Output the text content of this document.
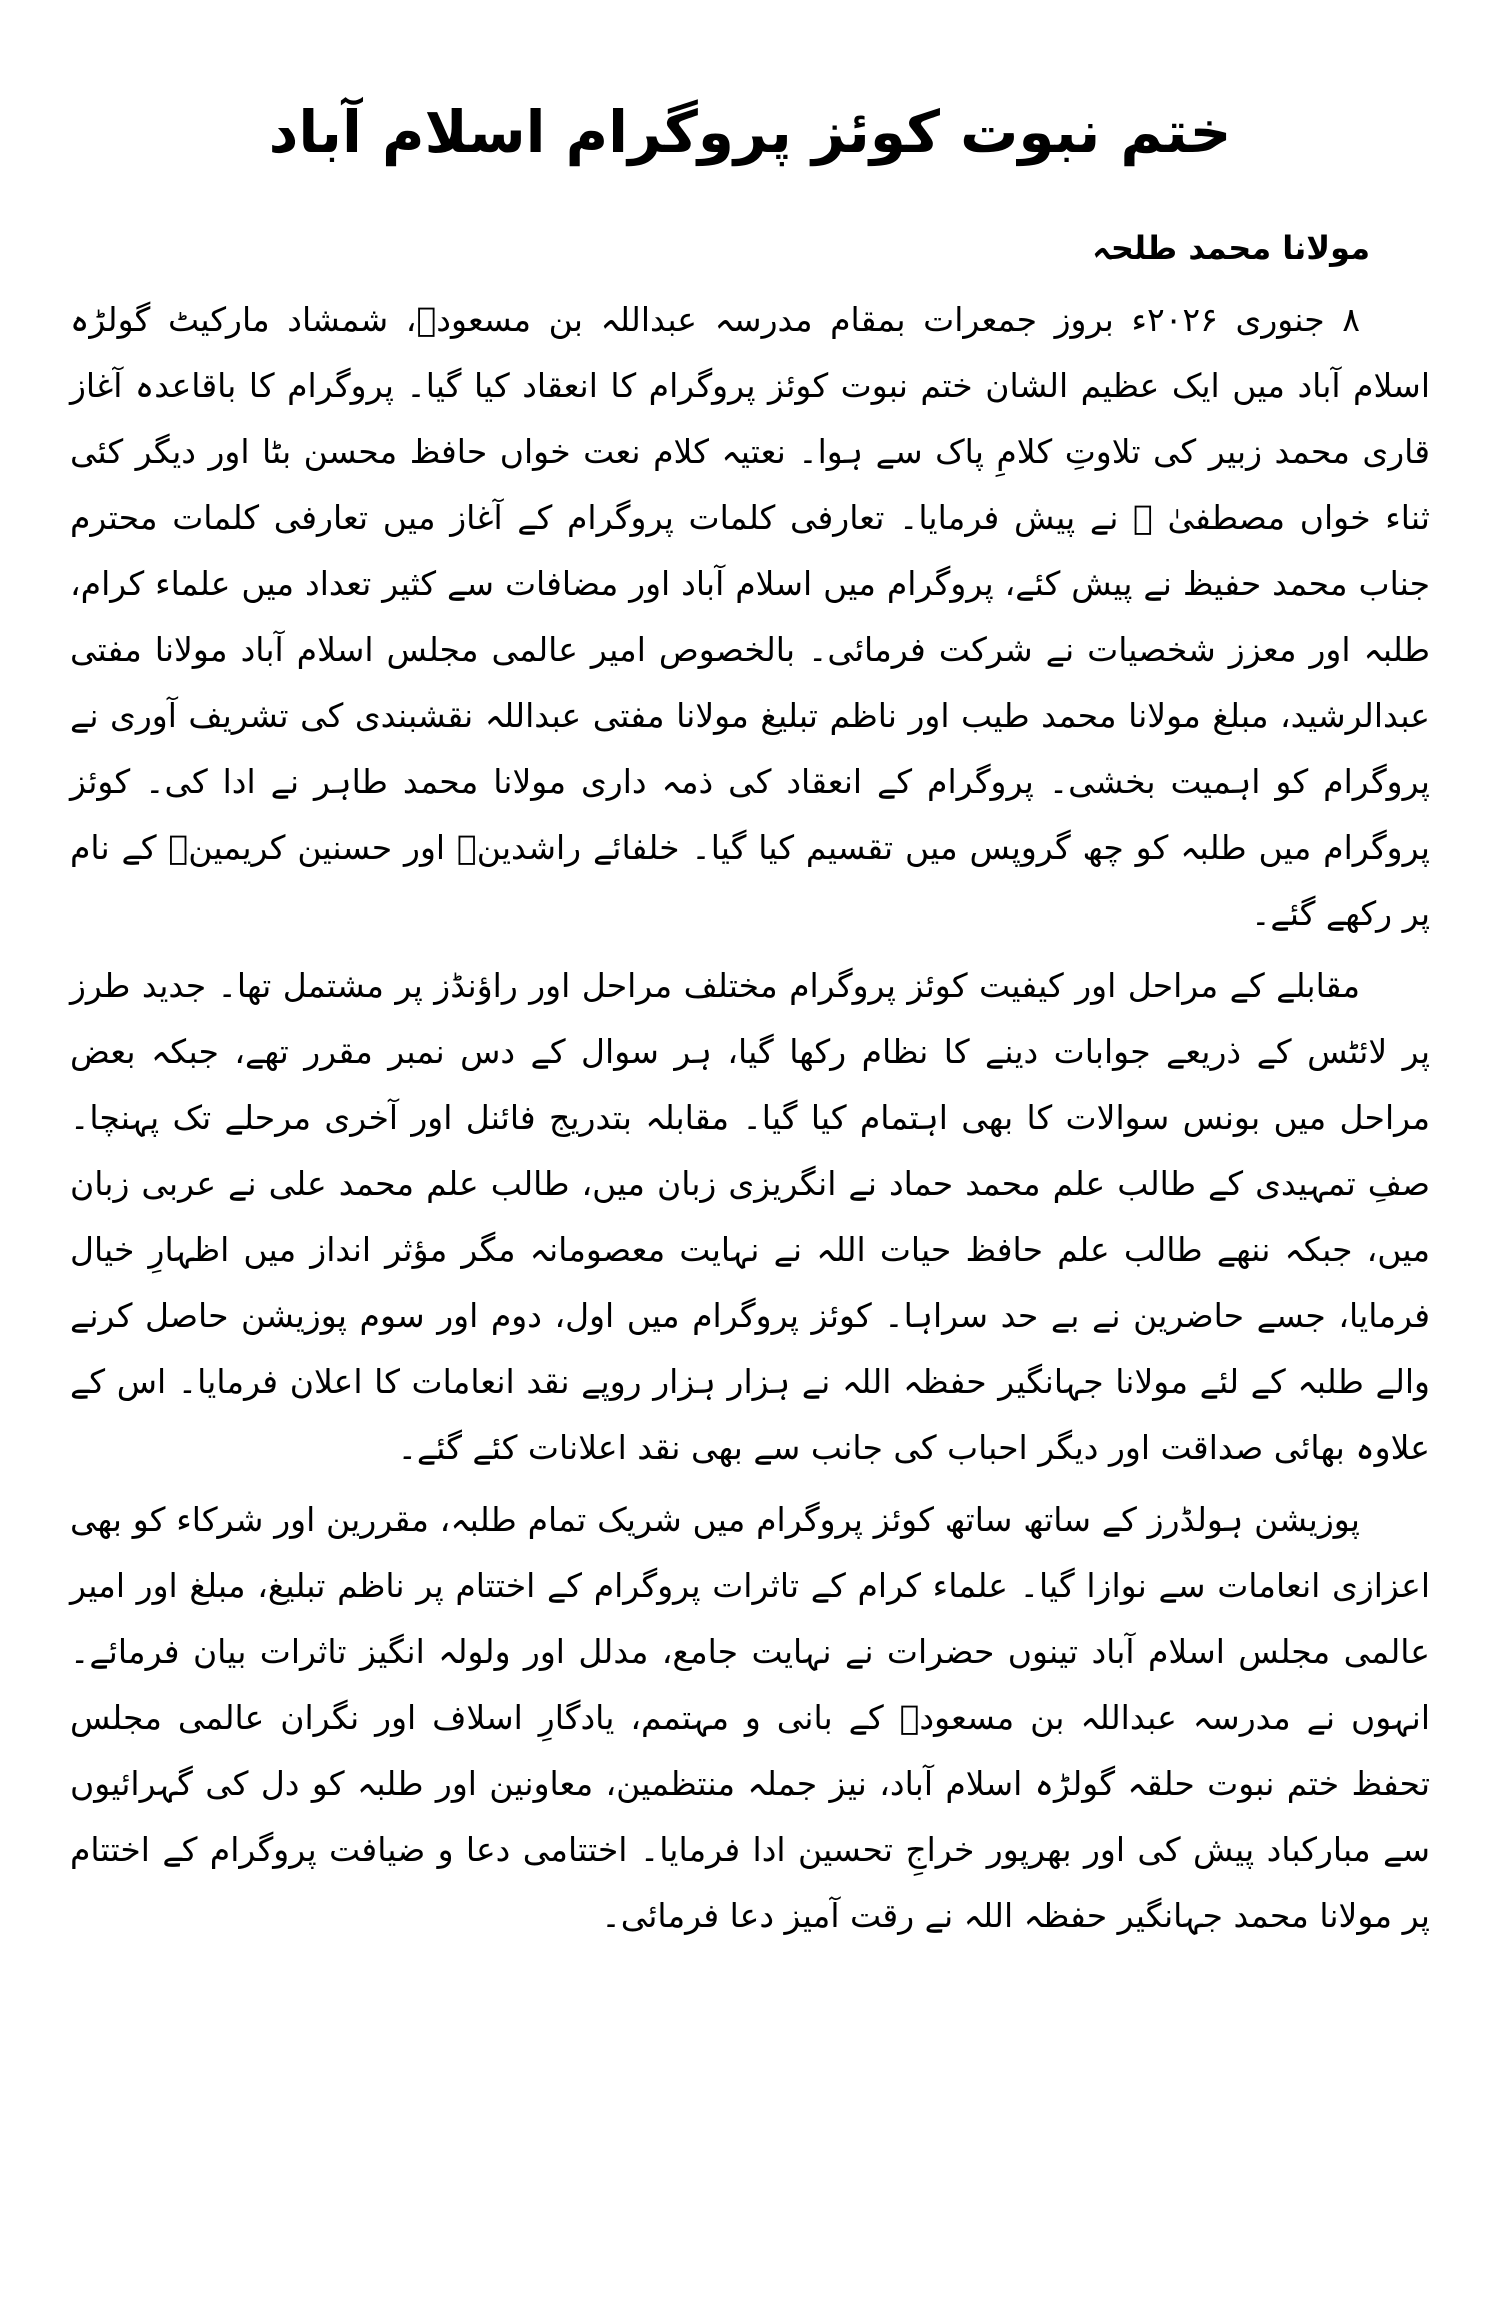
ختم نبوت کوئز پروگرام اسلام آباد
مولانا محمد طلحہ

۸ جنوری ۲۰۲۶ء بروز جمعرات بمقام مدرسہ عبداللہ بن مسعودؓ، شمشاد مارکیٹ گولڑہ اسلام آباد میں ایک عظیم الشان ختم نبوت کوئز پروگرام کا انعقاد کیا گیا۔ پروگرام کا باقاعدہ آغاز قاری محمد زبیر کی تلاوتِ کلامِ پاک سے ہوا۔ نعتیہ کلام نعت خواں حافظ محسن بٹا اور دیگر کئی ثناء خواں مصطفیٰ ﷺ نے پیش فرمایا۔ تعارفی کلمات پروگرام کے آغاز میں تعارفی کلمات محترم جناب محمد حفیظ نے پیش کئے، پروگرام میں اسلام آباد اور مضافات سے کثیر تعداد میں علماء کرام، طلبہ اور معزز شخصیات نے شرکت فرمائی۔ بالخصوص امیر عالمی مجلس اسلام آباد مولانا مفتی عبدالرشید، مبلغ مولانا محمد طیب اور ناظم تبلیغ مولانا مفتی عبداللہ نقشبندی کی تشریف آوری نے پروگرام کو اہمیت بخشی۔ پروگرام کے انعقاد کی ذمہ داری مولانا محمد طاہر نے ادا کی۔ کوئز پروگرام میں طلبہ کو چھ گروپس میں تقسیم کیا گیا۔ خلفائے راشدینؓ اور حسنین کریمینؓ کے نام پر رکھے گئے۔

مقابلے کے مراحل اور کیفیت کوئز پروگرام مختلف مراحل اور راؤنڈز پر مشتمل تھا۔ جدید طرز پر لائٹس کے ذریعے جوابات دینے کا نظام رکھا گیا، ہر سوال کے دس نمبر مقرر تھے، جبکہ بعض مراحل میں بونس سوالات کا بھی اہتمام کیا گیا۔ مقابلہ بتدریج فائنل اور آخری مرحلے تک پہنچا۔ صفِ تمہیدی کے طالب علم محمد حماد نے انگریزی زبان میں، طالب علم محمد علی نے عربی زبان میں، جبکہ ننھے طالب علم حافظ حیات اللہ نے نہایت معصومانہ مگر مؤثر انداز میں اظہارِ خیال فرمایا، جسے حاضرین نے بے حد سراہا۔ کوئز پروگرام میں اول، دوم اور سوم پوزیشن حاصل کرنے والے طلبہ کے لئے مولانا جہانگیر حفظہ اللہ نے ہزار ہزار روپے نقد انعامات کا اعلان فرمایا۔ اس کے علاوہ بھائی صداقت اور دیگر احباب کی جانب سے بھی نقد اعلانات کئے گئے۔

پوزیشن ہولڈرز کے ساتھ ساتھ کوئز پروگرام میں شریک تمام طلبہ، مقررین اور شرکاء کو بھی اعزازی انعامات سے نوازا گیا۔ علماء کرام کے تاثرات پروگرام کے اختتام پر ناظم تبلیغ، مبلغ اور امیر عالمی مجلس اسلام آباد تینوں حضرات نے نہایت جامع، مدلل اور ولولہ انگیز تاثرات بیان فرمائے۔ انہوں نے مدرسہ عبداللہ بن مسعودؓ کے بانی و مہتمم، یادگارِ اسلاف اور نگران عالمی مجلس تحفظ ختم نبوت حلقہ گولڑہ اسلام آباد، نیز جملہ منتظمین، معاونین اور طلبہ کو دل کی گہرائیوں سے مبارکباد پیش کی اور بھرپور خراجِ تحسین ادا فرمایا۔ اختتامی دعا و ضیافت پروگرام کے اختتام پر مولانا محمد جہانگیر حفظہ اللہ نے رقت آمیز دعا فرمائی۔
